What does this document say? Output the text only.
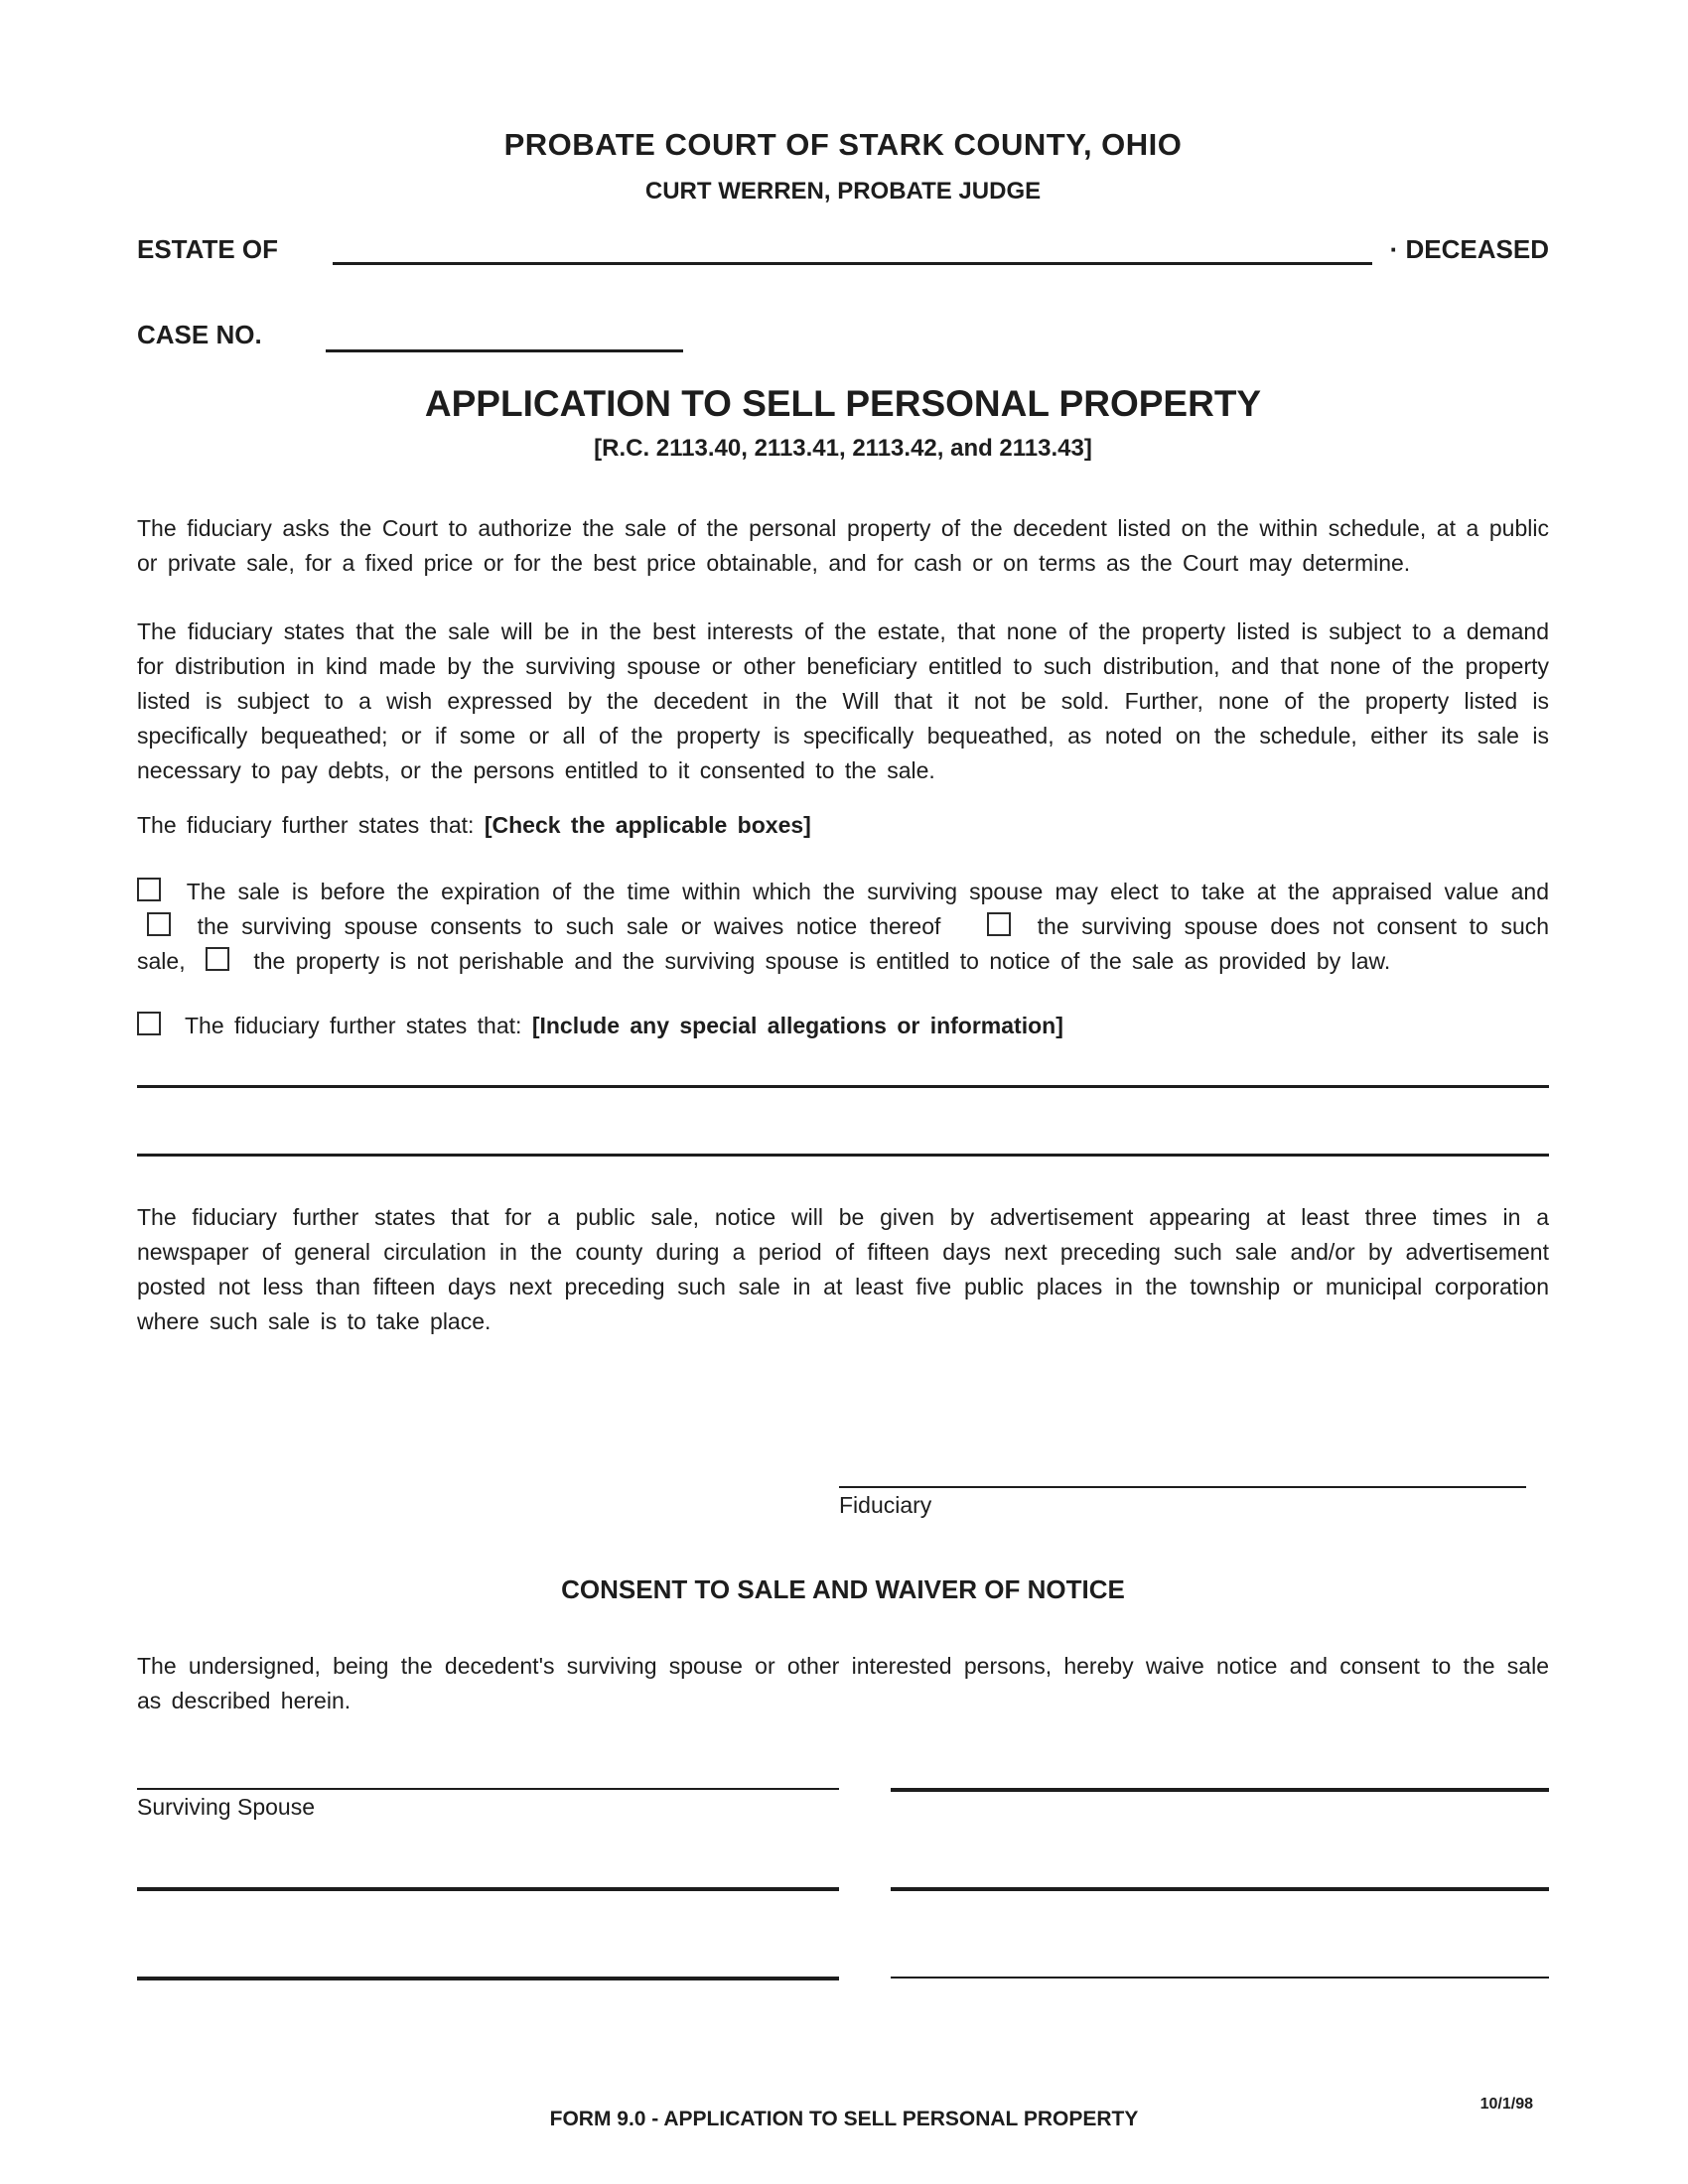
PROBATE COURT OF STARK COUNTY, OHIO
CURT WERREN, PROBATE JUDGE
ESTATE OF	· DECEASED
CASE NO.
APPLICATION TO SELL PERSONAL PROPERTY
[R.C. 2113.40, 2113.41, 2113.42, and 2113.43]

The fiduciary asks the Court to authorize the sale of the personal property of the decedent listed on the within schedule, at a public or private sale, for a fixed price or for the best price obtainable, and for cash or on terms as the Court may determine.

The fiduciary states that the sale will be in the best interests of the estate, that none of the property listed is subject to a demand for distribution in kind made by the surviving spouse or other beneficiary entitled to such distribution, and that none of the property listed is subject to a wish expressed by the decedent in the Will that it not be sold. Further, none of the property listed is specifically bequeathed; or if some or all of the property is specifically bequeathed, as noted on the schedule, either its sale is necessary to pay debts, or the persons entitled to it consented to the sale.

The fiduciary further states that: [Check the applicable boxes]

The sale is before the expiration of the time within which the surviving spouse may elect to take at the appraised value and  the surviving spouse consents to such sale or waives notice thereof	the surviving spouse does not consent to such sale,	the property is not perishable and the surviving spouse is entitled to notice of the sale as provided by law.

The fiduciary further states that: [Include any special allegations or information]

The fiduciary further states that for a public sale, notice will be given by advertisement appearing at least three times in a newspaper of general circulation in the county during a period of fifteen days next preceding such sale and/or by advertisement posted not less than fifteen days next preceding such sale in at least five public places in the township or municipal corporation where such sale is to take place.

Fiduciary

CONSENT TO SALE AND WAIVER OF NOTICE

The undersigned, being the decedent's surviving spouse or other interested persons, hereby waive notice and consent to the sale as described herein.

Surviving Spouse

FORM 9.0 - APPLICATION TO SELL PERSONAL PROPERTY
10/1/98
